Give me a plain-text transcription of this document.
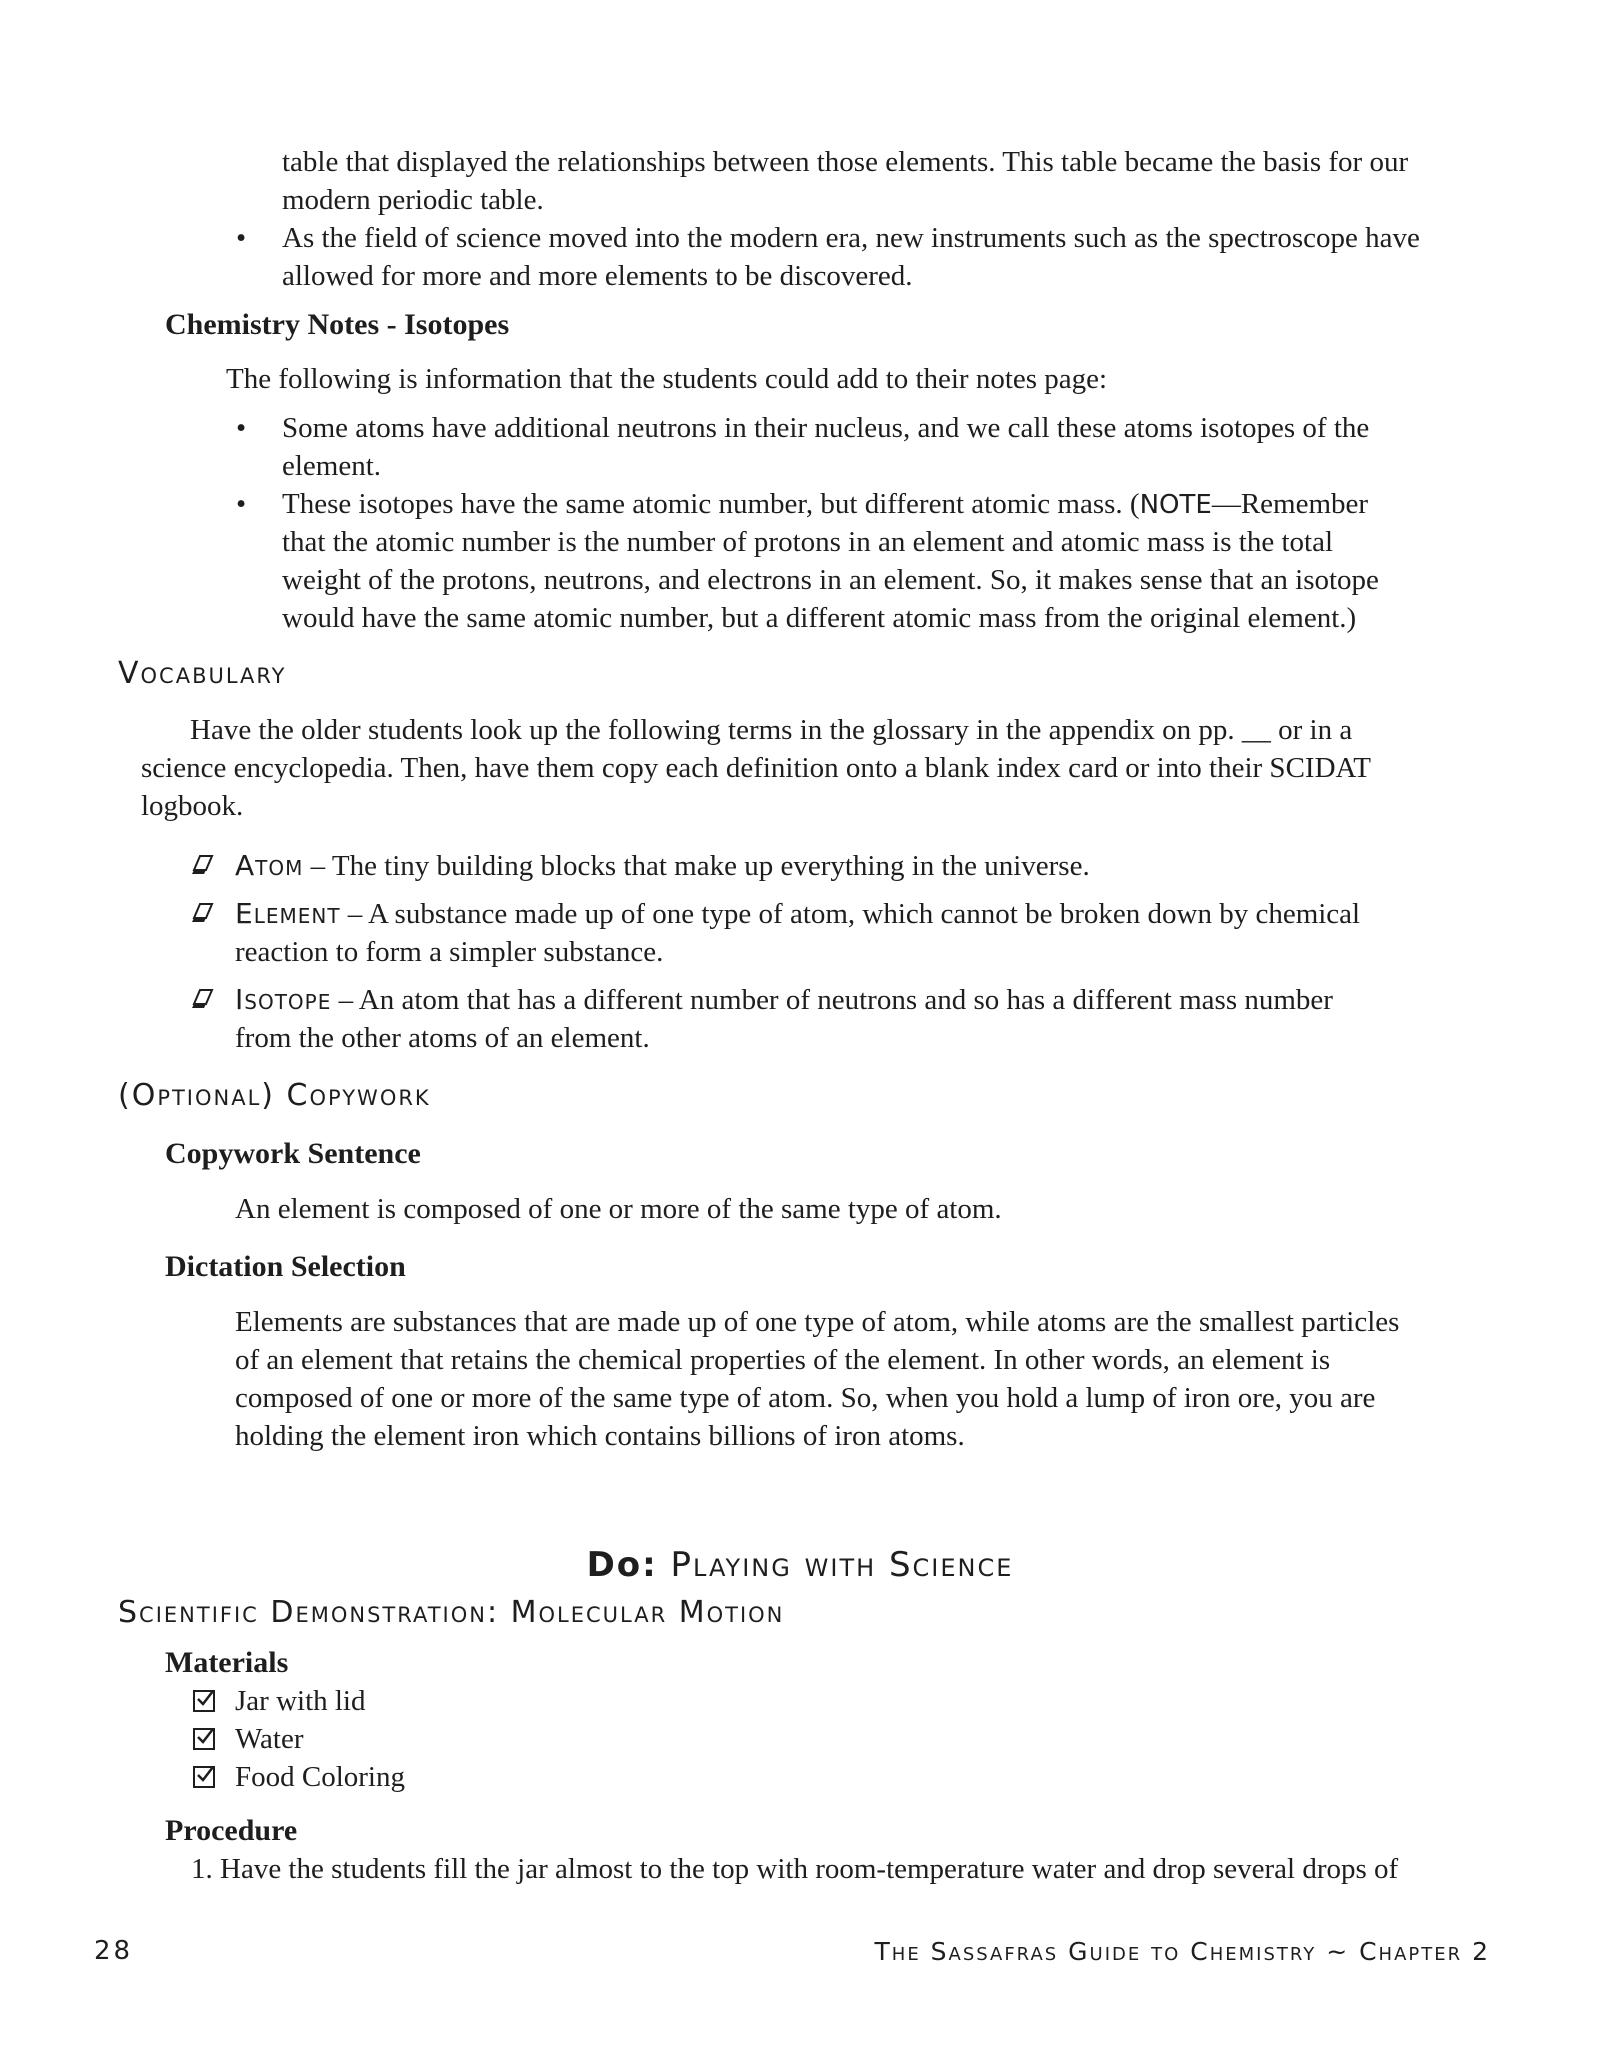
table that displayed the relationships between those elements. This table became the basis for our
modern periodic table.
• As the field of science moved into the modern era, new instruments such as the spectroscope have
allowed for more and more elements to be discovered.
Chemistry Notes - Isotopes
The following is information that the students could add to their notes page:
• Some atoms have additional neutrons in their nucleus, and we call these atoms isotopes of the
element.
• These isotopes have the same atomic number, but different atomic mass. (NOTE—Remember
that the atomic number is the number of protons in an element and atomic mass is the total
weight of the protons, neutrons, and electrons in an element. So, it makes sense that an isotope
would have the same atomic number, but a different atomic mass from the original element.)
Vocabulary
Have the older students look up the following terms in the glossary in the appendix on pp. __ or in a
science encyclopedia. Then, have them copy each definition onto a blank index card or into their SCIDAT
logbook.
Atom – The tiny building blocks that make up everything in the universe.
Element – A substance made up of one type of atom, which cannot be broken down by chemical
reaction to form a simpler substance.
Isotope – An atom that has a different number of neutrons and so has a different mass number
from the other atoms of an element.
(Optional) Copywork
Copywork Sentence
An element is composed of one or more of the same type of atom.
Dictation Selection
Elements are substances that are made up of one type of atom, while atoms are the smallest particles
of an element that retains the chemical properties of the element. In other words, an element is
composed of one or more of the same type of atom. So, when you hold a lump of iron ore, you are
holding the element iron which contains billions of iron atoms.
Do: Playing with Science
Scientific Demonstration: Molecular Motion
Materials
Jar with lid
Water
Food Coloring
Procedure
1. Have the students fill the jar almost to the top with room-temperature water and drop several drops of
28	The Sassafras Guide to Chemistry ~ Chapter 2
